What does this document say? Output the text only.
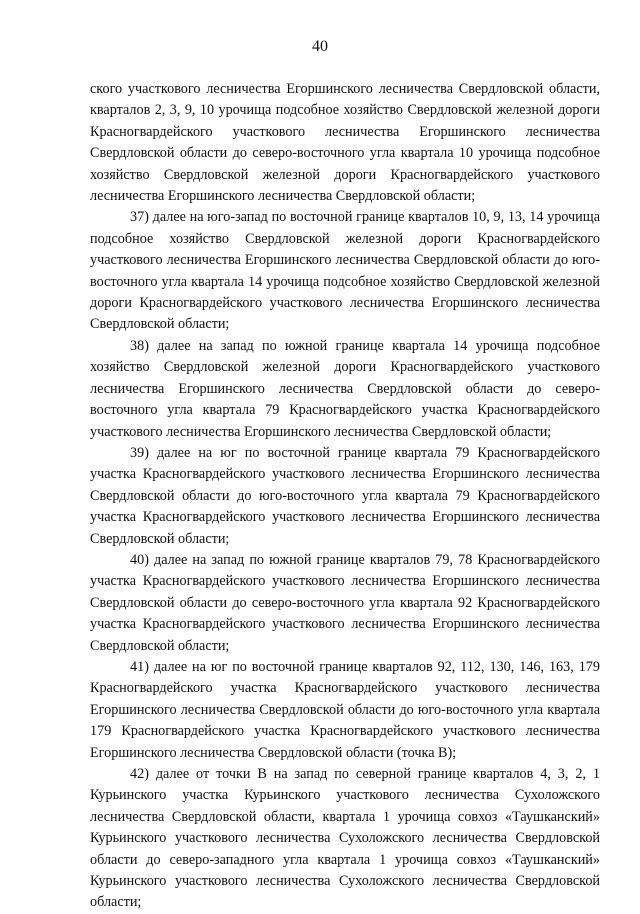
40

ского участкового лесничества Егоршинского лесничества Свердловской области, кварталов 2, 3, 9, 10 урочища подсобное хозяйство Свердловской железной дороги Красногвардейского участкового лесничества Егоршинского лесничества Свердловской области до северо-восточного угла квартала 10 урочища подсобное хозяйство Свердловской железной дороги Красногвардейского участкового лесничества Егоршинского лесничества Свердловской области;

37) далее на юго-запад по восточной границе кварталов 10, 9, 13, 14 урочища подсобное хозяйство Свердловской железной дороги Красногвардейского участкового лесничества Егоршинского лесничества Свердловской области до юго-восточного угла квартала 14 урочища подсобное хозяйство Свердловской железной дороги Красногвардейского участкового лесничества Егоршинского лесничества Свердловской области;

38) далее на запад по южной границе квартала 14 урочища подсобное хозяйство Свердловской железной дороги Красногвардейского участкового лесничества Егоршинского лесничества Свердловской области до северо-восточного угла квартала 79 Красногвардейского участка Красногвардейского участкового лесничества Егоршинского лесничества Свердловской области;

39) далее на юг по восточной границе квартала 79 Красногвардейского участка Красногвардейского участкового лесничества Егоршинского лесничества Свердловской области до юго-восточного угла квартала 79 Красногвардейского участка Красногвардейского участкового лесничества Егоршинского лесничества Свердловской области;

40) далее на запад по южной границе кварталов 79, 78 Красногвардейского участка Красногвардейского участкового лесничества Егоршинского лесничества Свердловской области до северо-восточного угла квартала 92 Красногвардейского участка Красногвардейского участкового лесничества Егоршинского лесничества Свердловской области;

41) далее на юг по восточной границе кварталов 92, 112, 130, 146, 163, 179 Красногвардейского участка Красногвардейского участкового лесничества Егоршинского лесничества Свердловской области до юго-восточного угла квартала 179 Красногвардейского участка Красногвардейского участкового лесничества Егоршинского лесничества Свердловской области (точка В);

42) далее от точки В на запад по северной границе кварталов 4, 3, 2, 1 Курьинского участка Курьинского участкового лесничества Сухоложского лесничества Свердловской области, квартала 1 урочища совхоз «Таушканский» Курьинского участкового лесничества Сухоложского лесничества Свердловской области до северо-западного угла квартала 1 урочища совхоз «Таушканский» Курьинского участкового лесничества Сухоложского лесничества Свердловской области;
